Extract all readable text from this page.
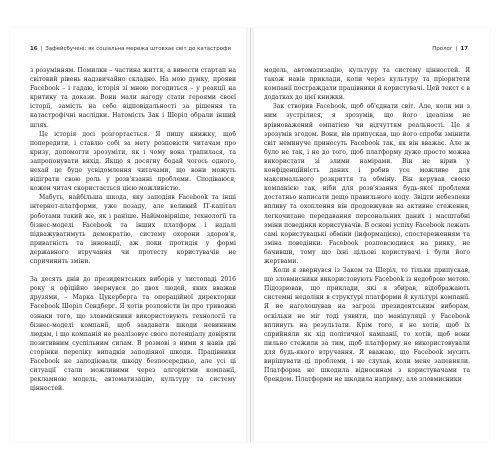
16 | Зафейсбучені: як соціальна мережа штовхає світ до катастрофи

з розумінням. Помилки – частина життя, а вивести стартап на світовий рівень надзвичайно складно. На мою думку, прояви Facebook – і гадаю, історія зі мною погодиться – у реакції на критику та докази. Вони мали нагоду стати героями своєї історії, замість на себе відповідальності за рішення та катастрофічні наслідки. Натомість Зак і Шеріл обрали інший шлях.

Це історія досі розгортається. Я пишу книжку, щоб попередити, і ставлю собі за мету розповісти читачам про кризу, допомогти зрозуміти, як і чому вона трапилася, та запропонувати вихід. Якщо я досягну бодай чогось одного, нехай це буде усвідомлення читачами, що вони можуть відіграти свою роль у розв'язанні проблеми. Сподіваюся, кожен читач скористається цією можливістю.

Мабуть, найбільша шкода, яку заподіяв Facebook та інші інтернет-платформи, уже позаду, але великий ІТ-капітал роботами такий же, як і раніше. Найімовірніше, технології та бізнес-моделі Facebook та інших платформ і надалі підважуватимуть демократію, систему охорони здоров'я, приватність та інновації, аж поки протидія у формі державного втручання чи протесту користувачів не спричинить зміни.

За десять днів до президентських виборів у листопаді 2016 року я офіційно звернувся до двох людей, яких вважав друзями, – Марка Цукерберга та операційної директорки Facebook Шеріл Сендберг. Я хотів розповісти їм про тривожні ознаки того, що зловмисники використовують технології та бізнес-моделі компанії, щоб завдавати шкоди невинним людям, і що компанія не реалізовує свого потенціалу довіряти позитивним суспільним силам. В розмові з ними я навів дві сторінки переліку випадків заподіяної шкоди. Працівники Facebook не заподіювали шкоду безпосередньо, але усі ці ситуації стали можливими через алгоритми компанії, рекламною модель, автоматизацію, культуру та систему цінностей.

Пролог | 17

модель, автоматизацію, культуру та систему цінностей. Я також навів приклади, коли через культуру та пріоритети компанії постраждали працівники й користувачі. Цей текст є в додатках до цієї книжки.

Зак створив Facebook, щоб об'єднати світ. Але, коли ми з ним зустрілися, я зрозумів, що його ідеалізм не врівноважений емпатією чи відчуттям реальності. Це я зрозумів згодом. Вони, вів припускав, що його спроби змінити світ неминуче принесуть Facebook так, як він вважає. Але ж було не так, і не до того, щоб платформу дуже просто можна використати зі злими намірами. Він не вірив у конфіденційність даних і робив усе можливе для максимального розкриття та обміну. Він керував своєю компанією так, ніби для розв'язання будь-якої проблеми достатньо написати дещо правильного коду. Звідти небезпеки впливу та охоплення він продовжував на активне стеження, легкочитане передавання персональних даних і масштабні зміни поведінки користувачів. В основі успіху Facebook лежать самі користувацькі обміни (інформацією), спостереженням та зміна поведінки. Facebook розповсюдився на ринку, не бачивши, тому що їхні цільові користувачі і були його жертвами.

Коли я звернувся із Заком та Шеріл, то тільки припускав, що зловмисники використовують Facebook із недоброю метою. Підозрював, що приклади, які я збирав, відображають системні недоліки в структурі платформи й культурі компанії. Я не наголошував на загрозі президентським виборам, оскільки не міг тоді уявити, що маніпуляції у Facebook вплинуть на результати. Крім того, я не хотів, щоб їх сприйняли як хід політичної кампанії, то хотів, щоб вони пильно стежили за тим, щоб платформу не використовували для будь-якого втручання. Я вважаю, що Facebook мусить вирішувати ці проблеми, і не слухав, коли мене запевняли. Платформа не шкодила відносинам з користувачами та брендом. Платформи не шкодила напряму, але зловмисники
